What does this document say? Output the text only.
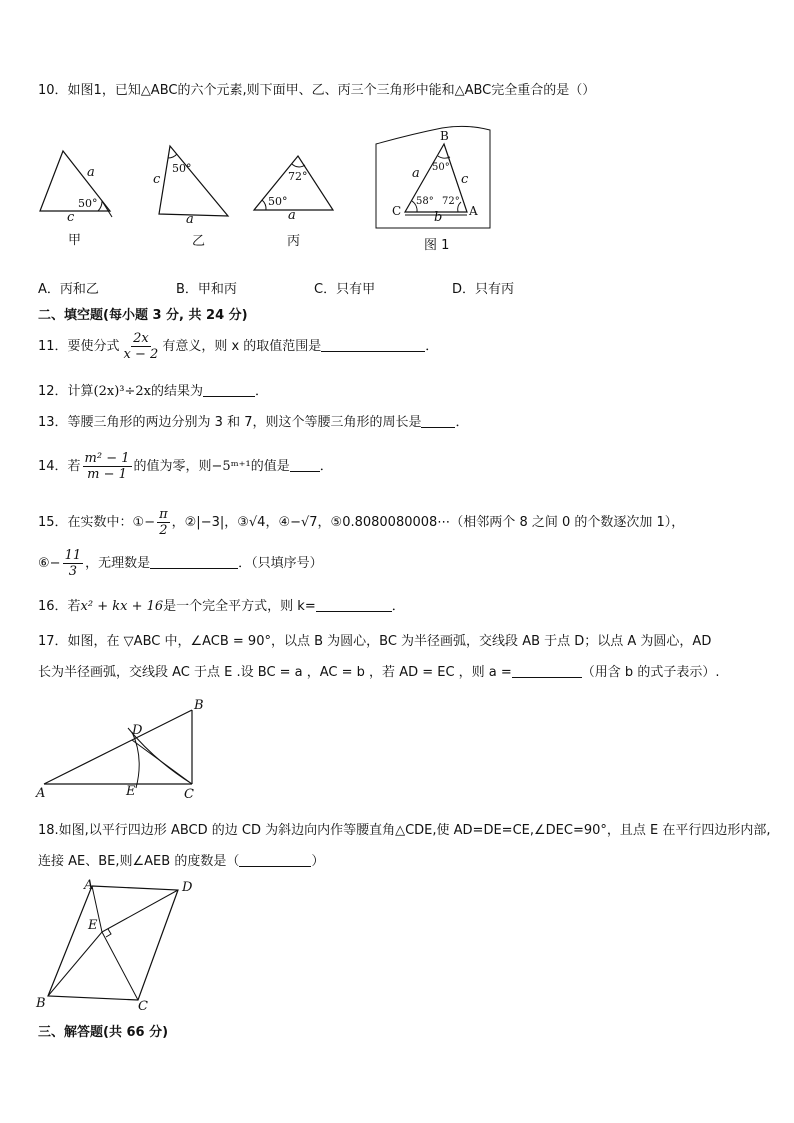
10．如图1，已知△ABC的六个元素,则下面甲、乙、丙三个三角形中能和△ABC完全重合的是（）
a
c
50°
甲
c
a
50°
乙
72°
50°
a
丙
B
C	A
a	c
b
50°
58° 72°
图 1
A．丙和乙	B．甲和丙	C．只有甲	D．只有丙
二、填空题(每小题 3 分, 共 24 分)
11．要使分式 $\frac{2x}{x - 2}$ 有意义，则 x 的取值范围是	．
12．计算(2x)³÷2x的结果为	．
13．等腰三角形的两边分别为 3 和 7，则这个等腰三角形的周长是	．
14．若 $\frac{\text{m² − 1}}{m - 1}$ 的值为零，则−5ᵐ⁺¹的值是 ．
15．在实数中：①− $\frac{\pi}{2}$ ，②|−3|，③√4，④−√7，⑤0.8080080008⋯（相邻两个 8 之间 0 的个数逐次加 1），
⑥− $\frac{11}{3}$ ，无理数是	．（只填序号）
16．若x² + kx + 16是一个完全平方式，则 k=	．
17．如图，在 ▽ABC 中，∠ACB = 90°，以点 B 为圆心，BC 为半径画弧，交线段 AB 于点 D；以点 A 为圆心，AD
长为半径画弧，交线段 AC 于点 E .设 BC = a ，AC = b ，若 AD = EC ，则 a =	（用含 b 的式子表示）.
A
B
C
D
E
18.如图,以平行四边形 ABCD 的边 CD 为斜边向内作等腰直角△CDE,使 AD=DE=CE,∠DEC=90°，且点 E 在平行四边形内部,
连接 AE、BE,则∠AEB 的度数是（	）
A	D
E
B	C
三、解答题(共 66 分)
